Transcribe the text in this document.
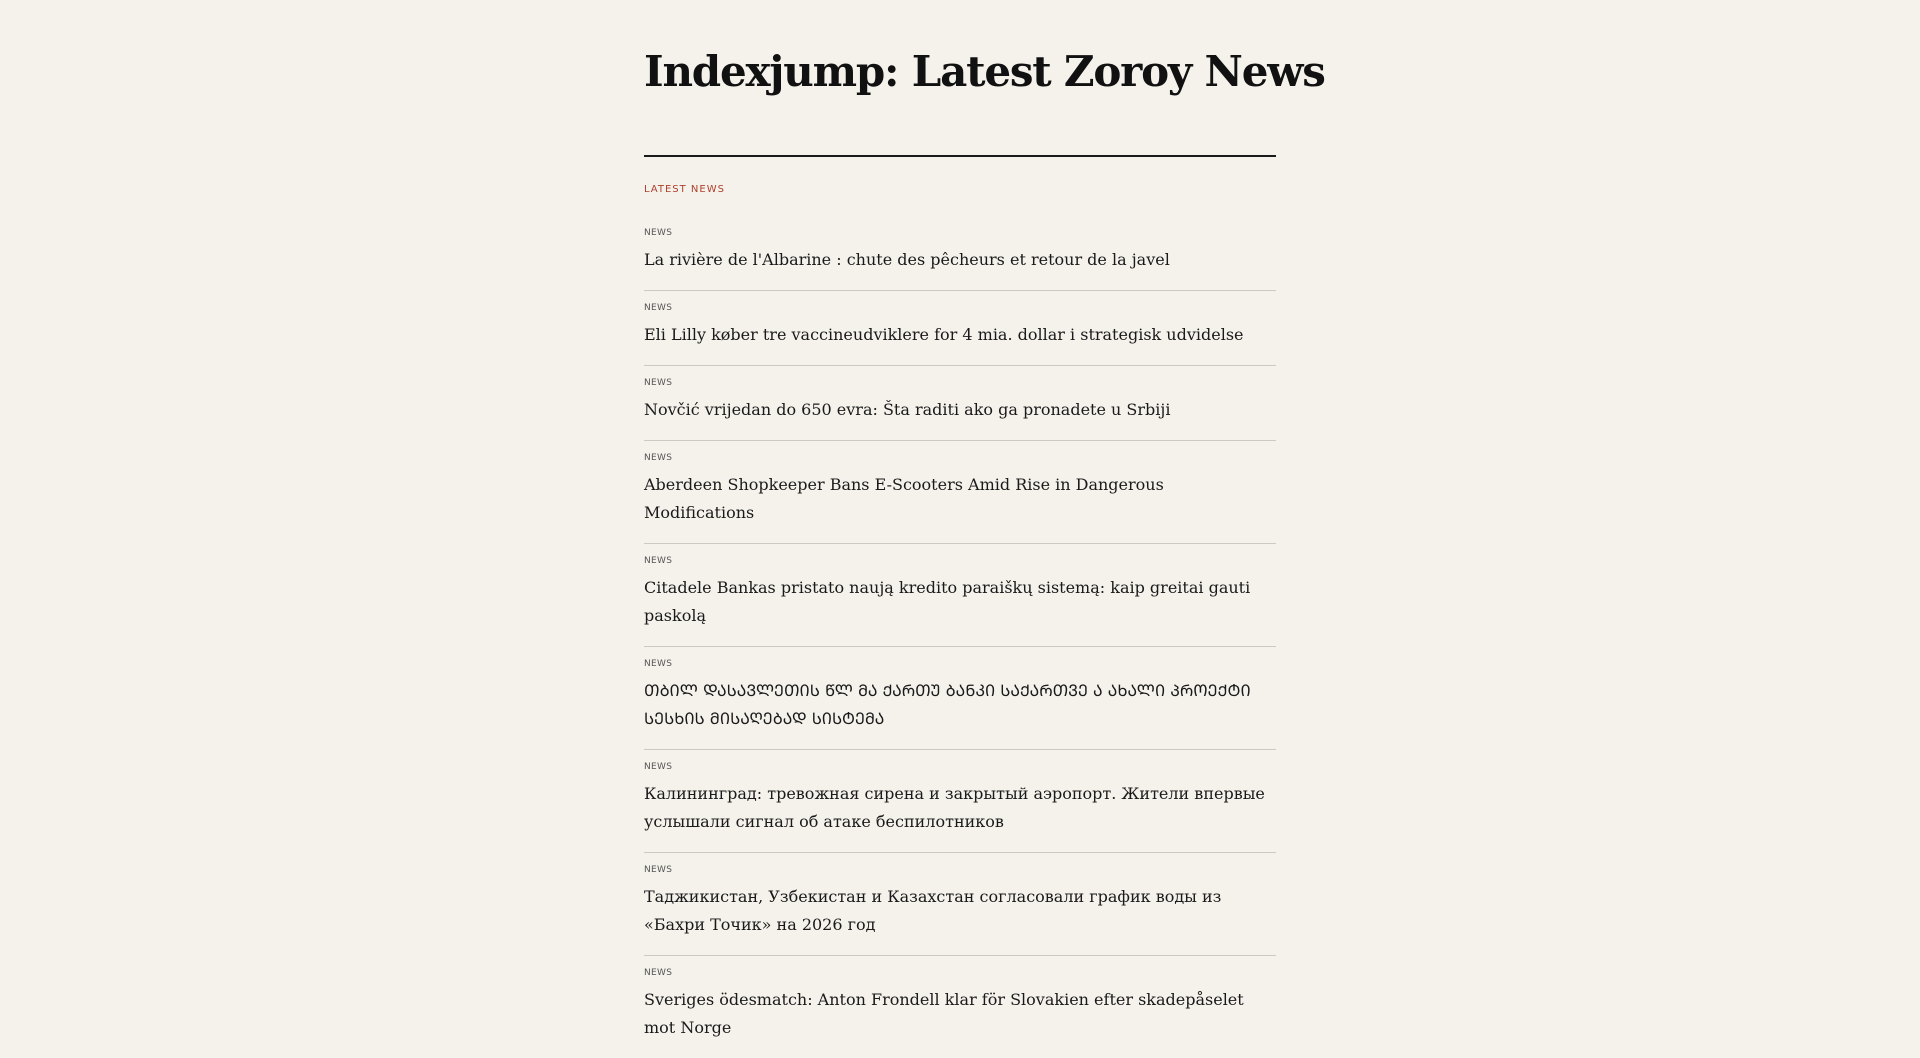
Indexjump: Latest Zoroy News
LATEST NEWS
NEWS
La rivière de l'Albarine : chute des pêcheurs et retour de la javel
NEWS
Eli Lilly køber tre vaccineudviklere for 4 mia. dollar i strategisk udvidelse
NEWS
Novčić vrijedan do 650 evra: Šta raditi ako ga pronadete u Srbiji
NEWS
Aberdeen Shopkeeper Bans E-Scooters Amid Rise in Dangerous Modifications
NEWS
Citadele Bankas pristato naują kredito paraiškų sistemą: kaip greitai gauti paskolą
NEWS
ᲗᲑᲘᲚ ᲓᲐᲡᲐᲕᲚᲔᲗᲘᲡ ᲬᲚ ᲛᲐ ᲥᲐᲠᲗᲣ ᲑᲐᲜᲙᲘ ᲡᲐᲥᲐᲠᲗᲕᲔ Ა ᲐᲮᲐᲚᲘ ᲞᲠᲝᲔᲥᲢᲘ ᲡᲔᲡᲮᲘᲡ ᲛᲘᲡᲐᲦᲔᲑᲐᲓ ᲡᲘᲡᲢᲔᲛᲐ
NEWS
Калининград: тревожная сирена и закрытый аэропорт. Жители впервые услышали сигнал об атаке беспилотников
NEWS
Таджикистан, Узбекистан и Казахстан согласовали график воды из «Бахри Точик» на 2026 год
NEWS
Sveriges ödesmatch: Anton Frondell klar för Slovakien efter skadepåselet mot Norge
